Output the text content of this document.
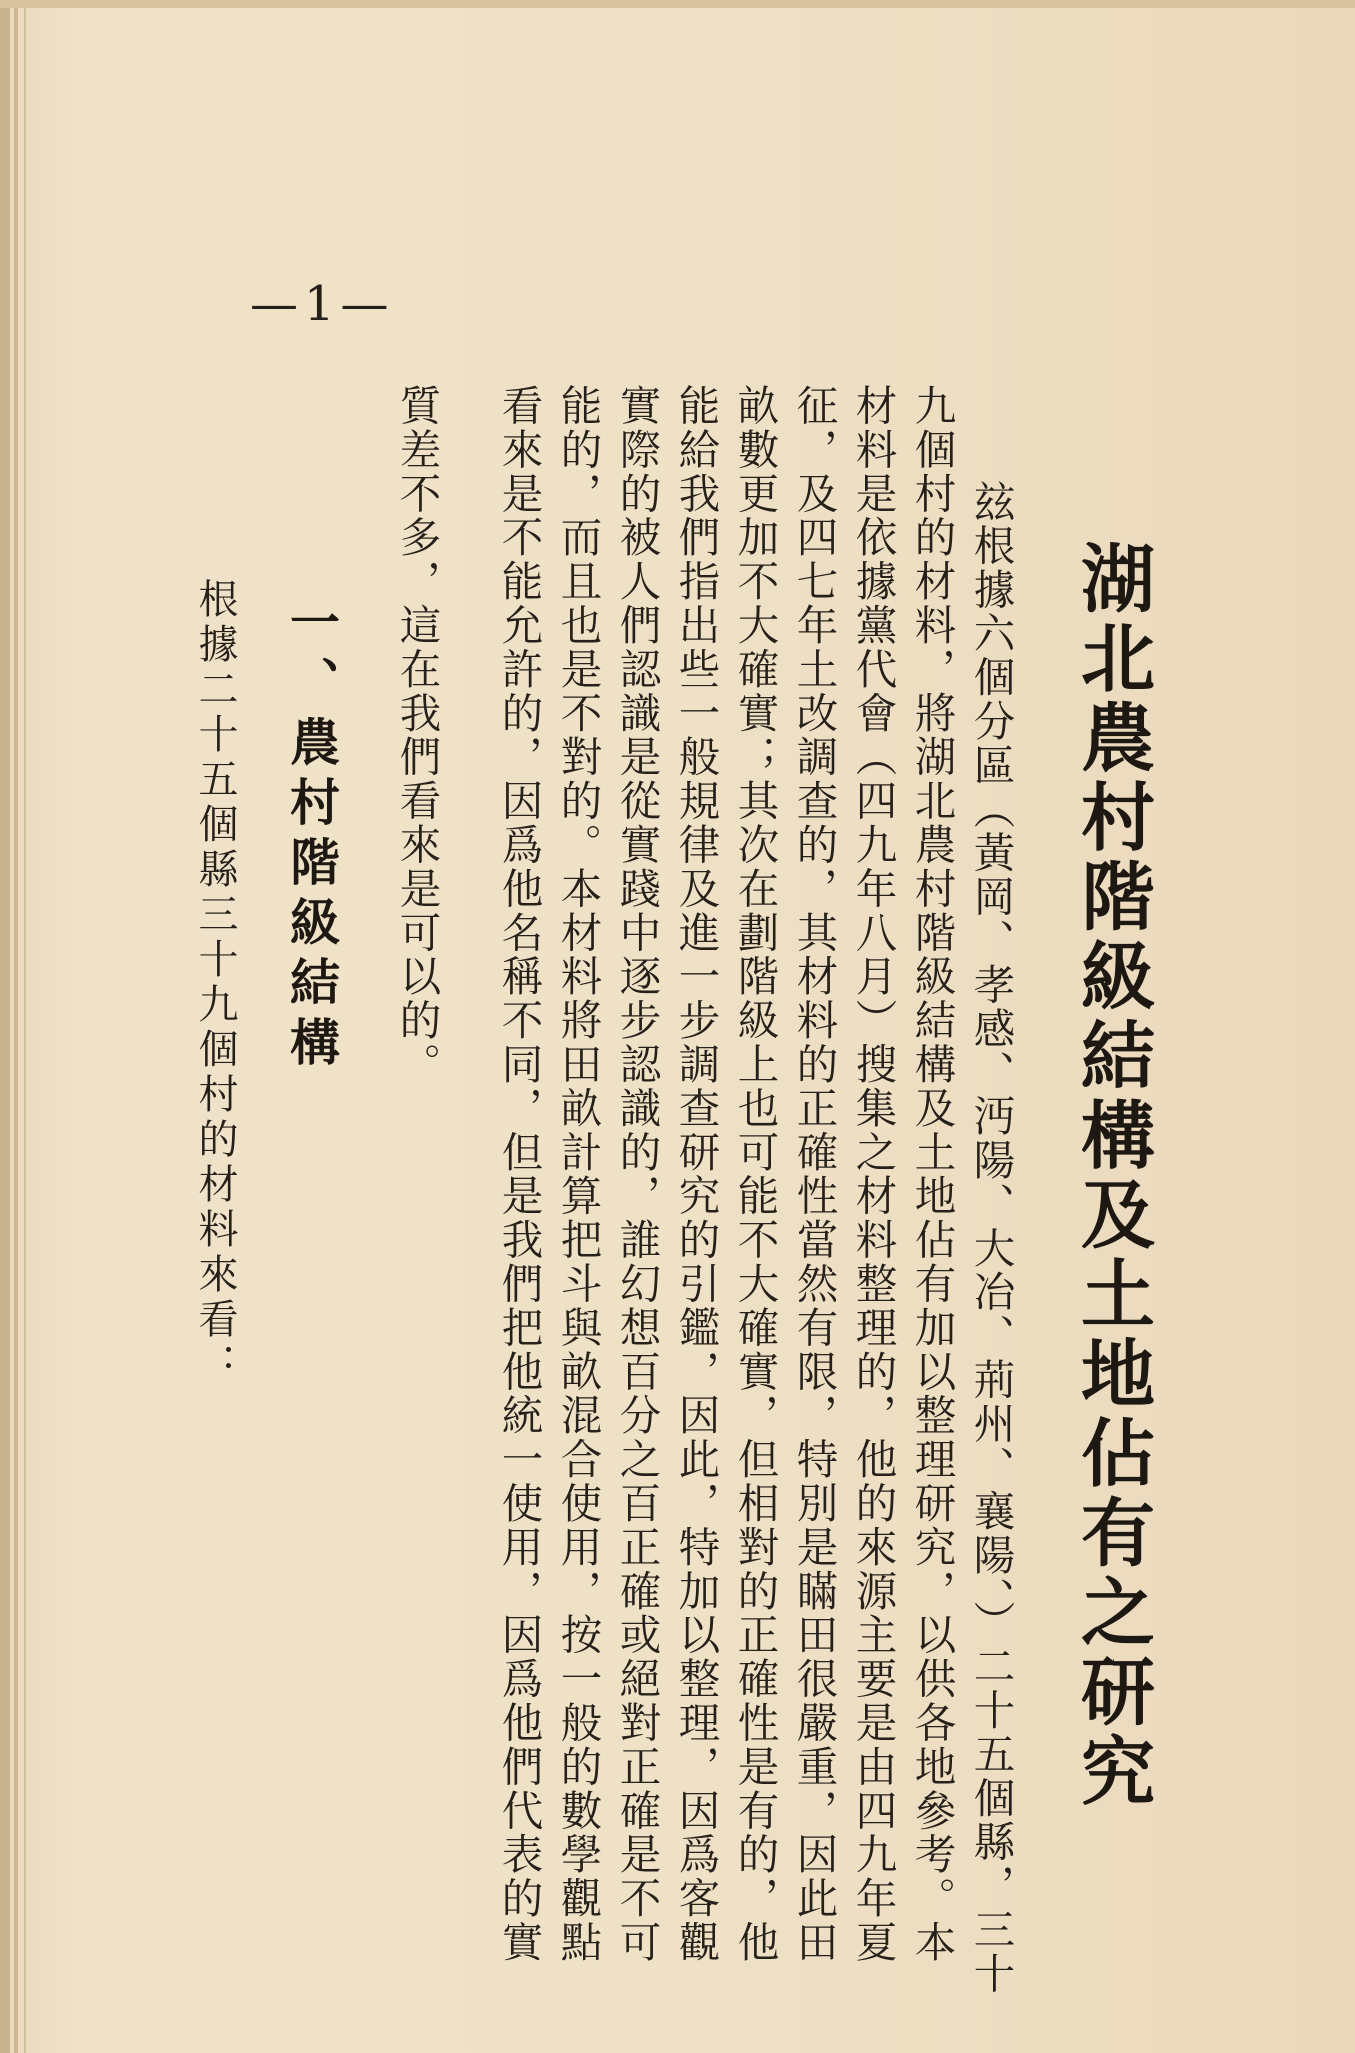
—1—
湖北農村階級結構及土地佔有之研究
玆根據六個分區（黃岡、孝感、沔陽、大冶、荊州、襄陽、）二十五個縣，三十
九個村的材料，將湖北農村階級結構及土地佔有加以整理研究，以供各地參考。本
材料是依據黨代會（四九年八月）搜集之材料整理的，他的來源主要是由四九年夏
征，及四七年土改調查的，其材料的正確性當然有限，特別是瞞田很嚴重，因此田
畝數更加不大確實；其次在劃階級上也可能不大確實，但相對的正確性是有的，他
能給我們指出些一般規律及進一步調查研究的引鑑，因此，特加以整理，因爲客觀
實際的被人們認識是從實踐中逐步認識的，誰幻想百分之百正確或絕對正確是不可
能的，而且也是不對的。本材料將田畝計算把斗與畝混合使用，按一般的數學觀點
看來是不能允許的，因爲他名稱不同，但是我們把他統一使用，因爲他們代表的實
質差不多，這在我們看來是可以的。
一、農村階級結構
根據二十五個縣三十九個村的材料來看：
